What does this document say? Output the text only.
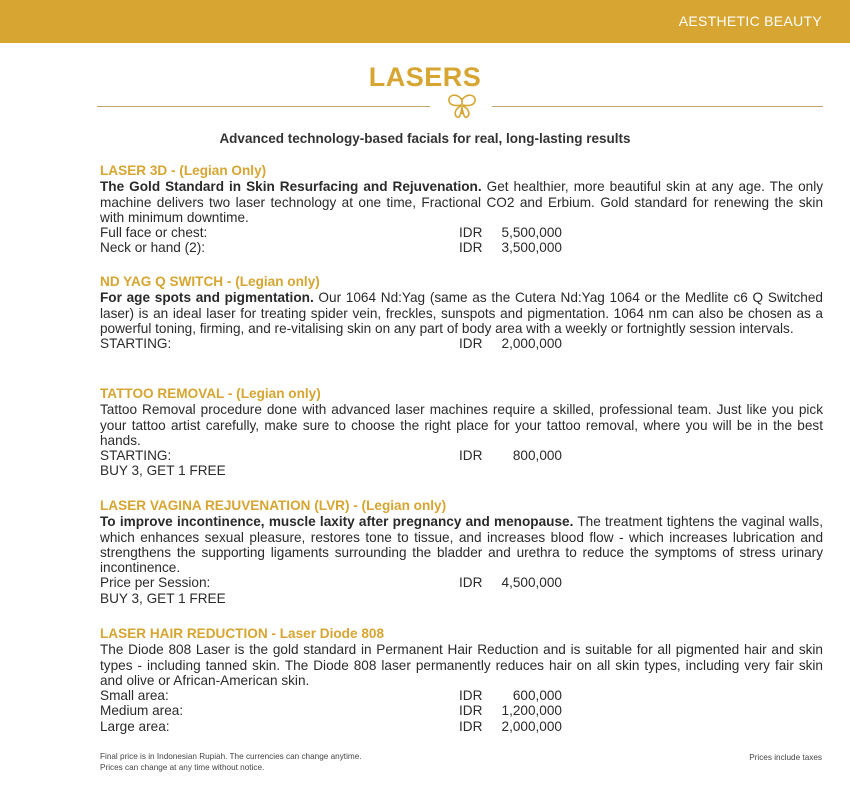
AESTHETIC BEAUTY
LASERS
Advanced technology-based facials for real, long-lasting results
LASER 3D - (Legian Only)

The Gold Standard in Skin Resurfacing and Rejuvenation. Get healthier, more beautiful skin at any age. The only machine delivers two laser technology at one time, Fractional CO2 and Erbium. Gold standard for renewing the skin with minimum downtime.

Full face or chest:	IDR	5,500,000
Neck or hand (2):	IDR	3,500,000
ND YAG Q SWITCH - (Legian only)

For age spots and pigmentation. Our 1064 Nd:Yag (same as the Cutera Nd:Yag 1064 or the Medlite c6 Q Switched laser) is an ideal laser for treating spider vein, freckles, sunspots and pigmentation. 1064 nm can also be chosen as a powerful toning, firming, and re-vitalising skin on any part of body area with a weekly or fortnightly session intervals.

STARTING:	IDR	2,000,000
TATTOO REMOVAL - (Legian only)

Tattoo Removal procedure done with advanced laser machines require a skilled, professional team. Just like you pick your tattoo artist carefully, make sure to choose the right place for your tattoo removal, where you will be in the best hands.

STARTING:	IDR	800,000
BUY 3, GET 1 FREE
LASER VAGINA REJUVENATION (LVR) - (Legian only)

To improve incontinence, muscle laxity after pregnancy and menopause. The treatment tightens the vaginal walls, which enhances sexual pleasure, restores tone to tissue, and increases blood flow - which increases lubrication and strengthens the supporting ligaments surrounding the bladder and urethra to reduce the symptoms of stress urinary incontinence.

Price per Session:	IDR	4,500,000
BUY 3, GET 1 FREE
LASER HAIR REDUCTION - Laser Diode 808

The Diode 808 Laser is the gold standard in Permanent Hair Reduction and is suitable for all pigmented hair and skin types - including tanned skin. The Diode 808 laser permanently reduces hair on all skin types, including very fair skin and olive or African-American skin.

Small area:	IDR	600,000
Medium area:	IDR	1,200,000
Large area:	IDR	2,000,000
Final price is in Indonesian Rupiah. The currencies can change anytime.
Prices can change at any time without notice.
Prices include taxes
